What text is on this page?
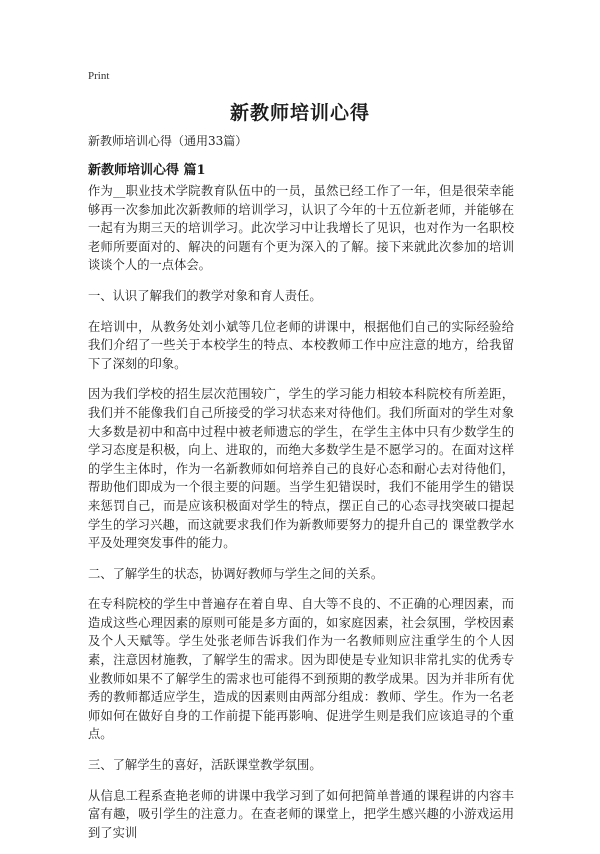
Print
新教师培训心得
新教师培训心得（通用33篇）
新教师培训心得 篇1

作为__职业技术学院教育队伍中的一员，虽然已经工作了一年，但是很荣幸能够再一次参加此次新教师的培训学习，认识了今年的十五位新老师，并能够在一起有为期三天的培训学习。此次学习中让我增长了见识，也对作为一名职校老师所要面对的、解决的问题有个更为深入的了解。接下来就此次参加的培训谈谈个人的一点体会。

一、认识了解我们的教学对象和育人责任。

在培训中，从教务处刘小斌等几位老师的讲课中，根据他们自己的实际经验给我们介绍了一些关于本校学生的特点、本校教师工作中应注意的地方，给我留下了深刻的印象。

因为我们学校的招生层次范围较广，学生的学习能力相较本科院校有所差距，我们并不能像我们自己所接受的学习状态来对待他们。我们所面对的学生对象大多数是初中和高中过程中被老师遗忘的学生，在学生主体中只有少数学生的学习态度是积极，向上、进取的，而绝大多数学生是不愿学习的。在面对这样的学生主体时，作为一名新教师如何培养自己的良好心态和耐心去对待他们，帮助他们即成为一个很主要的问题。当学生犯错误时，我们不能用学生的错误来惩罚自己，而是应该积极面对学生的特点，摆正自己的心态寻找突破口提起学生的学习兴趣，而这就要求我们作为新教师要努力的提升自己的 课堂教学水平及处理突发事件的能力。

二、了解学生的状态，协调好教师与学生之间的关系。

在专科院校的学生中普遍存在着自卑、自大等不良的、不正确的心理因素，而造成这些心理因素的原则可能是多方面的，如家庭因素，社会氛围，学校因素及个人天赋等。学生处张老师告诉我们作为一名教师则应注重学生的个人因素，注意因材施教，了解学生的需求。因为即使是专业知识非常扎实的优秀专业教师如果不了解学生的需求也可能得不到预期的教学成果。因为并非所有优秀的教师都适应学生，造成的因素则由两部分组成：教师、学生。作为一名老师如何在做好自身的工作前提下能再影响、促进学生则是我们应该追寻的个重点。

三、了解学生的喜好，活跃课堂教学氛围。

从信息工程系查艳老师的讲课中我学习到了如何把简单普通的课程讲的内容丰富有趣，吸引学生的注意力。在查老师的课堂上，把学生感兴趣的小游戏运用到了实训
